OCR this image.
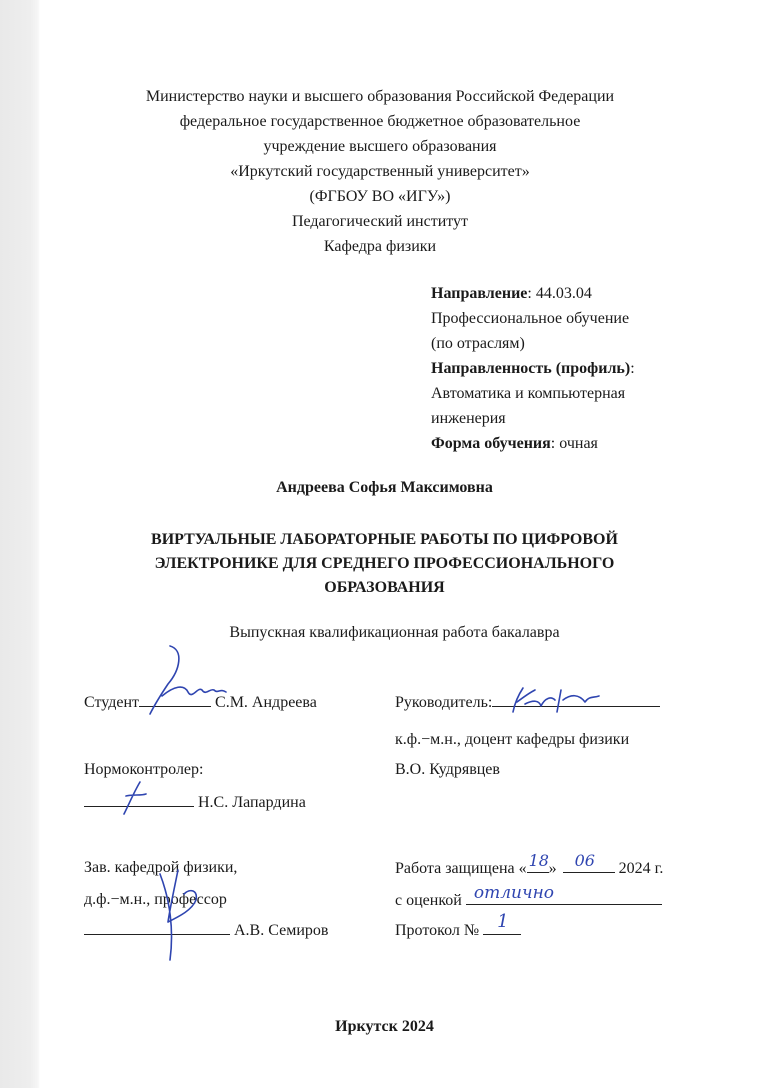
Министерство науки и высшего образования Российской Федерации
федеральное государственное бюджетное образовательное
учреждение высшего образования
«Иркутский государственный университет»
(ФГБОУ ВО «ИГУ»)
Педагогический институт
Кафедра физики
Направление: 44.03.04
Профессиональное обучение
(по отраслям)
Направленность (профиль):
Автоматика и компьютерная
инженерия
Форма обучения: очная
Андреева Софья Максимовна
ВИРТУАЛЬНЫЕ ЛАБОРАТОРНЫЕ РАБОТЫ ПО ЦИФРОВОЙ
ЭЛЕКТРОНИКЕ ДЛЯ СРЕДНЕГО ПРОФЕССИОНАЛЬНОГО
ОБРАЗОВАНИЯ
Выпускная квалификационная работа бакалавра
Студент	С.М. Андреева	Руководитель:
к.ф.−м.н., доцент кафедры физики
В.О. Кудрявцев
Нормоконтролер:
Н.С. Лапардина
Зав. кафедрой физики,
д.ф.−м.н., профессор
А.В. Семиров
Работа защищена « 18 » 06 2024 г.
с оценкой отлично
Протокол № 1
Иркутск 2024
